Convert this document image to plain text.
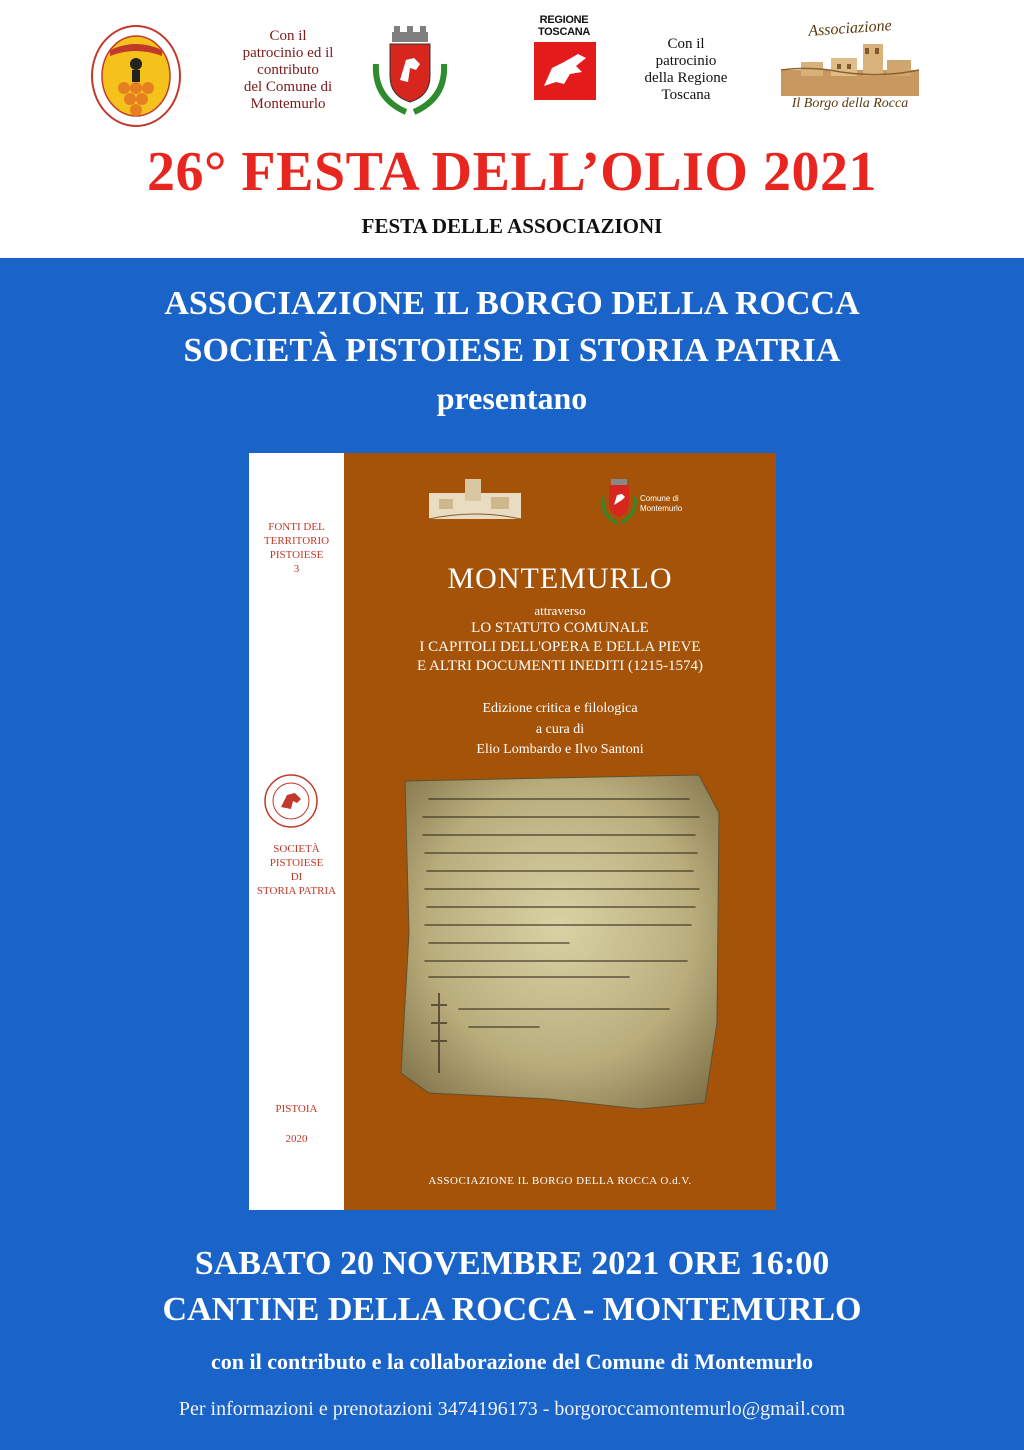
Con il
patrocinio ed il
contributo
del Comune di
Montemurlo
REGIONE
TOSCANA
Con il
patrocinio
della Regione
Toscana
Associazione
Il Borgo della Rocca
26° FESTA DELL’OLIO 2021
FESTA DELLE ASSOCIAZIONI
ASSOCIAZIONE IL BORGO DELLA ROCCA
SOCIETÀ PISTOIESE DI STORIA PATRIA
presentano
FONTI DEL
TERRITORIO
PISTOIESE
3
SOCIETÀ
PISTOIESE
DI
STORIA PATRIA
PISTOIA
2020
Comune di
Montemurlo
MONTEMURLO
attraverso
LO STATUTO COMUNALE
I CAPITOLI DELL'OPERA E DELLA PIEVE
E ALTRI DOCUMENTI INEDITI (1215-1574)
Edizione critica e filologica
a cura di
Elio Lombardo e Ilvo Santoni
ASSOCIAZIONE IL BORGO DELLA ROCCA O.d.V.
SABATO 20 NOVEMBRE 2021 ORE 16:00
CANTINE DELLA ROCCA - MONTEMURLO
con il contributo e la collaborazione del Comune di Montemurlo
Per informazioni e prenotazioni 3474196173 - borgoroccamontemurlo@gmail.com
